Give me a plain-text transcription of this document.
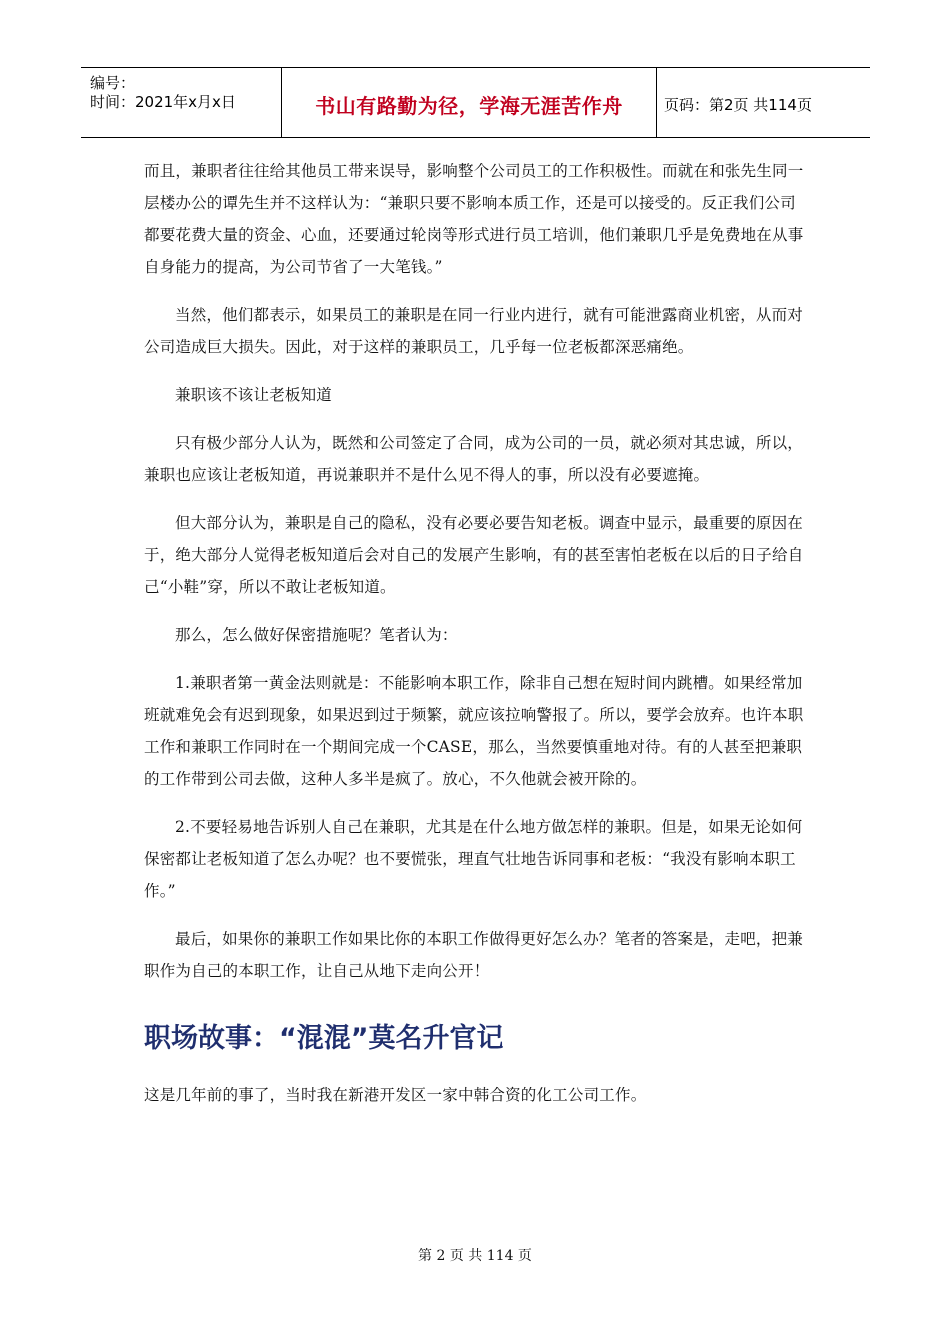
编号：
时间：2021年x月x日	书山有路勤为径，学海无涯苦作舟	页码：第2页 共114页

而且，兼职者往往给其他员工带来误导，影响整个公司员工的工作积极性。而就在和张先生同一层楼办公的谭先生并不这样认为：“兼职只要不影响本质工作，还是可以接受的。反正我们公司都要花费大量的资金、心血，还要通过轮岗等形式进行员工培训，他们兼职几乎是免费地在从事自身能力的提高，为公司节省了一大笔钱。”

当然，他们都表示，如果员工的兼职是在同一行业内进行，就有可能泄露商业机密，从而对公司造成巨大损失。因此，对于这样的兼职员工，几乎每一位老板都深恶痛绝。

兼职该不该让老板知道

只有极少部分人认为，既然和公司签定了合同，成为公司的一员，就必须对其忠诚，所以，兼职也应该让老板知道，再说兼职并不是什么见不得人的事，所以没有必要遮掩。

但大部分认为，兼职是自己的隐私，没有必要必要告知老板。调查中显示，最重要的原因在于，绝大部分人觉得老板知道后会对自己的发展产生影响，有的甚至害怕老板在以后的日子给自己“小鞋”穿，所以不敢让老板知道。

那么，怎么做好保密措施呢？笔者认为：

1.兼职者第一黄金法则就是：不能影响本职工作，除非自己想在短时间内跳槽。如果经常加班就难免会有迟到现象，如果迟到过于频繁，就应该拉响警报了。所以，要学会放弃。也许本职工作和兼职工作同时在一个期间完成一个CASE，那么，当然要慎重地对待。有的人甚至把兼职的工作带到公司去做，这种人多半是疯了。放心，不久他就会被开除的。

2.不要轻易地告诉别人自己在兼职，尤其是在什么地方做怎样的兼职。但是，如果无论如何保密都让老板知道了怎么办呢？也不要慌张，理直气壮地告诉同事和老板：“我没有影响本职工作。”

最后，如果你的兼职工作如果比你的本职工作做得更好怎么办？笔者的答案是，走吧，把兼职作为自己的本职工作，让自己从地下走向公开！

职场故事：“混混”莫名升官记

这是几年前的事了，当时我在新港开发区一家中韩合资的化工公司工作。

第 2 页 共 114 页
